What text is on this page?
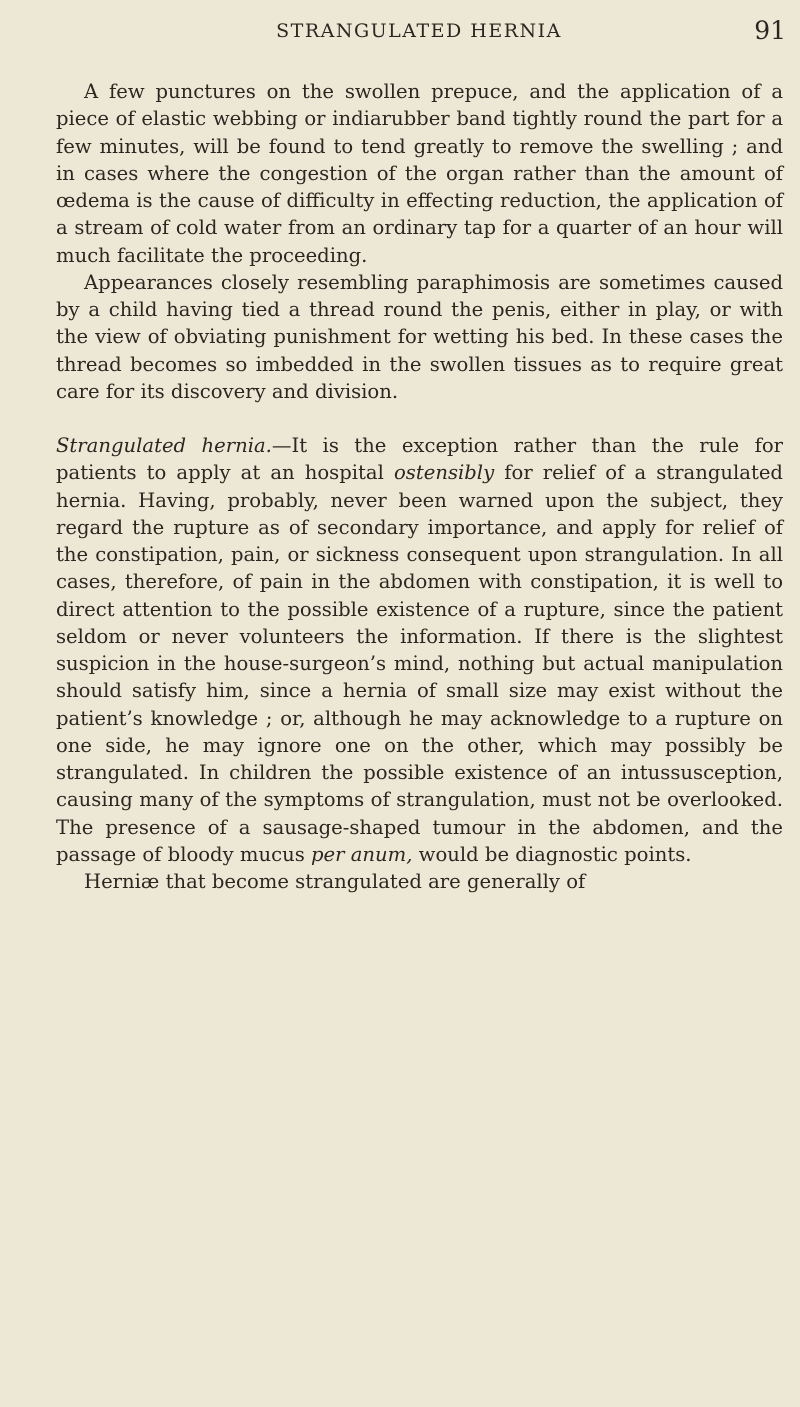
STRANGULATED HERNIA	91

A few punctures on the swollen prepuce, and the application of a piece of elastic webbing or indiarubber band tightly round the part for a few minutes, will be found to tend greatly to remove the swelling ; and in cases where the congestion of the organ rather than the amount of œdema is the cause of difficulty in effecting reduction, the application of a stream of cold water from an ordinary tap for a quarter of an hour will much facilitate the proceeding.

Appearances closely resembling paraphimosis are sometimes caused by a child having tied a thread round the penis, either in play, or with the view of obviating punishment for wetting his bed. In these cases the thread becomes so imbedded in the swollen tissues as to require great care for its discovery and division.

Strangulated hernia.—It is the exception rather than the rule for patients to apply at an hospital ostensibly for relief of a strangulated hernia. Having, probably, never been warned upon the subject, they regard the rupture as of secondary importance, and apply for relief of the constipation, pain, or sickness consequent upon strangulation. In all cases, therefore, of pain in the abdomen with constipation, it is well to direct attention to the possible existence of a rupture, since the patient seldom or never volunteers the information. If there is the slightest suspicion in the house-surgeon’s mind, nothing but actual manipulation should satisfy him, since a hernia of small size may exist without the patient’s knowledge ; or, although he may acknowledge to a rupture on one side, he may ignore one on the other, which may possibly be strangulated. In children the possible existence of an intussusception, causing many of the symptoms of strangulation, must not be overlooked. The presence of a sausage-shaped tumour in the abdomen, and the passage of bloody mucus per anum, would be diagnostic points.

Herniæ that become strangulated are generally of
